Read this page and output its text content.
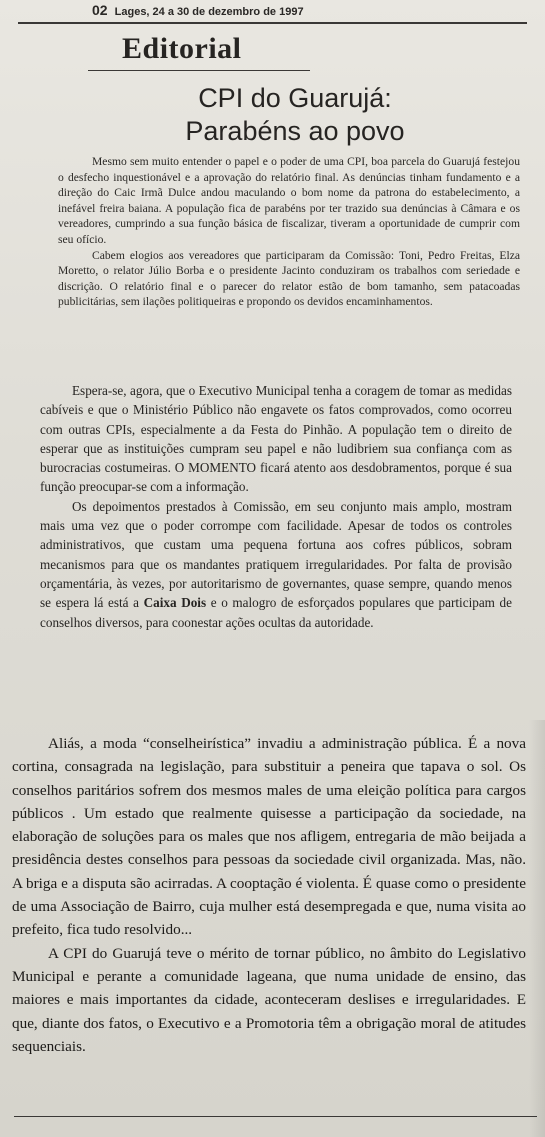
02 Lages, 24 a 30 de dezembro de 1997
Editorial
CPI do Guarujá:
Parabéns ao povo

Mesmo sem muito entender o papel e o poder de uma CPI, boa parcela do Guarujá festejou o desfecho inquestionável e a aprovação do relatório final. As denúncias tinham fundamento e a direção do Caic Irmã Dulce andou maculando o bom nome da patrona do estabelecimento, a inefável freira baiana. A população fica de parabéns por ter trazido sua denúncias à Câmara e os vereadores, cumprindo a sua função básica de fiscalizar, tiveram a oportunidade de cumprir com seu ofício.

Cabem elogios aos vereadores que participaram da Comissão: Toni, Pedro Freitas, Elza Moretto, o relator Júlio Borba e o presidente Jacinto conduziram os trabalhos com seriedade e discrição. O relatório final e o parecer do relator estão de bom tamanho, sem patacoadas publicitárias, sem ilações politiqueiras e propondo os devidos encaminhamentos.

Espera-se, agora, que o Executivo Municipal tenha a coragem de tomar as medidas cabíveis e que o Ministério Público não engavete os fatos comprovados, como ocorreu com outras CPIs, especialmente a da Festa do Pinhão. A população tem o direito de esperar que as instituições cumpram seu papel e não ludibriem sua confiança com as burocracias costumeiras. O MOMENTO ficará atento aos desdobramentos, porque é sua função preocupar-se com a informação.

Os depoimentos prestados à Comissão, em seu conjunto mais amplo, mostram mais uma vez que o poder corrompe com facilidade. Apesar de todos os controles administrativos, que custam uma pequena fortuna aos cofres públicos, sobram mecanismos para que os mandantes pratiquem irregularidades. Por falta de provisão orçamentária, às vezes, por autoritarismo de governantes, quase sempre, quando menos se espera lá está a Caixa Dois e o malogro de esforçados populares que participam de conselhos diversos, para coonestar ações ocultas da autoridade.

Aliás, a moda “conselheirística” invadiu a administração pública. É a nova cortina, consagrada na legislação, para substituir a peneira que tapava o sol. Os conselhos paritários sofrem dos mesmos males de uma eleição política para cargos públicos . Um estado que realmente quisesse a participação da sociedade, na elaboração de soluções para os males que nos afligem, entregaria de mão beijada a presidência destes conselhos para pessoas da sociedade civil organizada. Mas, não. A briga e a disputa são acirradas. A cooptação é violenta. É quase como o presidente de uma Associação de Bairro, cuja mulher está desempregada e que, numa visita ao prefeito, fica tudo resolvido...

A CPI do Guarujá teve o mérito de tornar público, no âmbito do Legislativo Municipal e perante a comunidade lageana, que numa unidade de ensino, das maiores e mais importantes da cidade, aconteceram deslises e irregularidades. E que, diante dos fatos, o Executivo e a Promotoria têm a obrigação moral de atitudes sequenciais.
